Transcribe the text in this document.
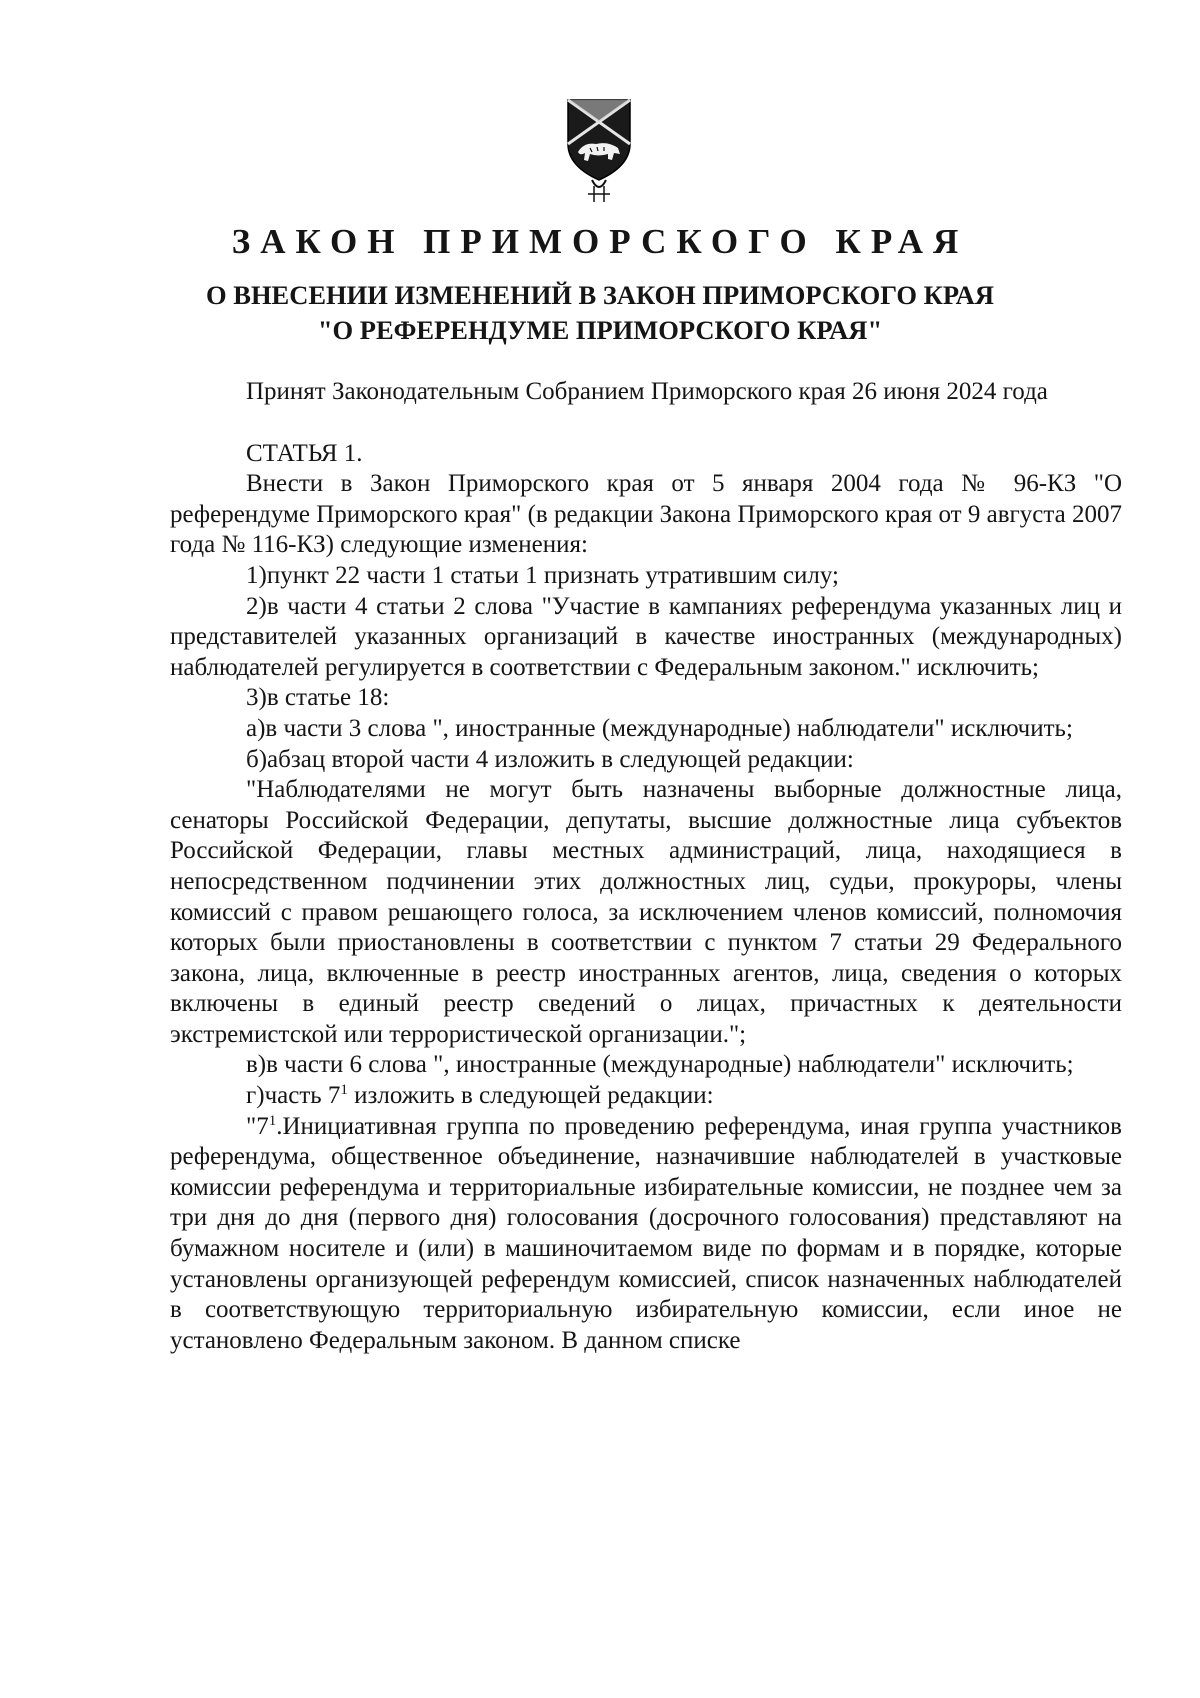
ЗАКОН ПРИМОРСКОГО КРАЯ
О ВНЕСЕНИИ ИЗМЕНЕНИЙ В ЗАКОН ПРИМОРСКОГО КРАЯ
"О РЕФЕРЕНДУМЕ ПРИМОРСКОГО КРАЯ"

Принят Законодательным Собранием Приморского края 26 июня 2024 года

СТАТЬЯ 1.

Внести в Закон Приморского края от 5 января 2004 года № 96-КЗ "О референдуме Приморского края" (в редакции Закона Приморского края от 9 августа 2007 года № 116-КЗ) следующие изменения:

1)пункт 22 части 1 статьи 1 признать утратившим силу;

2)в части 4 статьи 2 слова "Участие в кампаниях референдума указанных лиц и представителей указанных организаций в качестве иностранных (международных) наблюдателей регулируется в соответствии с Федеральным законом." исключить;

3)в статье 18:

а)в части 3 слова ", иностранные (международные) наблюдатели" исключить;

б)абзац второй части 4 изложить в следующей редакции:

"Наблюдателями не могут быть назначены выборные должностные лица, сенаторы Российской Федерации, депутаты, высшие должностные лица субъектов Российской Федерации, главы местных администраций, лица, находящиеся в непосредственном подчинении этих должностных лиц, судьи, прокуроры, члены комиссий с правом решающего голоса, за исключением членов комиссий, полномочия которых были приостановлены в соответствии с пунктом 7 статьи 29 Федерального закона, лица, включенные в реестр иностранных агентов, лица, сведения о которых включены в единый реестр сведений о лицах, причастных к деятельности экстремистской или террористической организации.";

в)в части 6 слова ", иностранные (международные) наблюдатели" исключить;

г)часть $7^1$ изложить в следующей редакции:

"$7^1.Инициативная$ группа по проведению референдума, иная группа участников референдума, общественное объединение, назначившие наблюдателей в участковые комиссии референдума и территориальные избирательные комиссии, не позднее чем за три дня до дня (первого дня) голосования (досрочного голосования) представляют на бумажном носителе и (или) в машиночитаемом виде по формам и в порядке, которые установлены организующей референдум комиссией, список назначенных наблюдателей в соответствующую территориальную избирательную комиссии, если иное не установлено Федеральным законом. В данном списке
